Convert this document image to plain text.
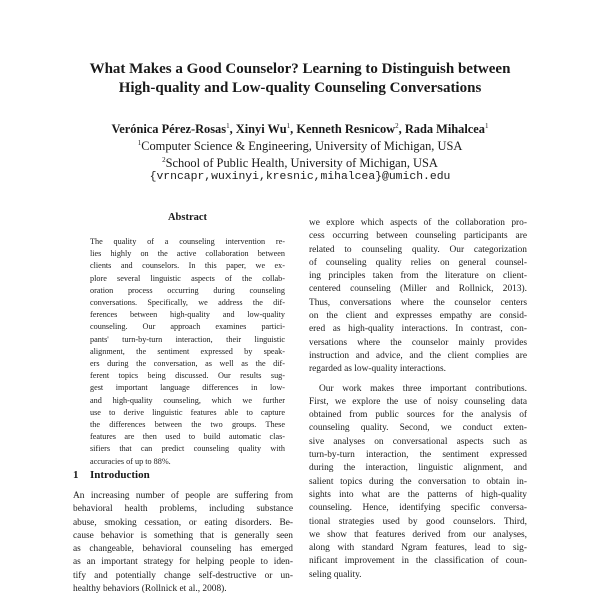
What Makes a Good Counselor? Learning to Distinguish between
High-quality and Low-quality Counseling Conversations
Verónica Pérez-Rosas$^1$, Xinyi Wu$^1$, Kenneth Resnicow$^2$, Rada Mihalcea$^1$
$^1$Computer Science & Engineering, University of Michigan, USA
$^2$School of Public Health, University of Michigan, USA
{vrncapr,wuxinyi,kresnic,mihalcea}@umich.edu
Abstract
The quality of a counseling intervention re-
lies highly on the active collaboration between
clients and counselors. In this paper, we ex-
plore several linguistic aspects of the collab-
oration process occurring during counseling
conversations. Specifically, we address the dif-
ferences between high-quality and low-quality
counseling. Our approach examines partici-
pants' turn-by-turn interaction, their linguistic
alignment, the sentiment expressed by speak-
ers during the conversation, as well as the dif-
ferent topics being discussed. Our results sug-
gest important language differences in low-
and high-quality counseling, which we further
use to derive linguistic features able to capture
the differences between the two groups. These
features are then used to build automatic clas-
sifiers that can predict counseling quality with
accuracies of up to 88%.
1 Introduction
An increasing number of people are suffering from
behavioral health problems, including substance
abuse, smoking cessation, or eating disorders. Be-
cause behavior is something that is generally seen
as changeable, behavioral counseling has emerged
as an important strategy for helping people to iden-
tify and potentially change self-destructive or un-
healthy behaviors (Rollnick et al., 2008).
we explore which aspects of the collaboration pro-
cess occurring between counseling participants are
related to counseling quality. Our categorization
of counseling quality relies on general counsel-
ing principles taken from the literature on client-
centered counseling (Miller and Rollnick, 2013).
Thus, conversations where the counselor centers
on the client and expresses empathy are consid-
ered as high-quality interactions. In contrast, con-
versations where the counselor mainly provides
instruction and advice, and the client complies are
regarded as low-quality interactions.
Our work makes three important contributions.
First, we explore the use of noisy counseling data
obtained from public sources for the analysis of
counseling quality. Second, we conduct exten-
sive analyses on conversational aspects such as
turn-by-turn interaction, the sentiment expressed
during the interaction, linguistic alignment, and
salient topics during the conversation to obtain in-
sights into what are the patterns of high-quality
counseling. Hence, identifying specific conversa-
tional strategies used by good counselors. Third,
we show that features derived from our analyses,
along with standard Ngram features, lead to sig-
nificant improvement in the classification of coun-
seling quality.
